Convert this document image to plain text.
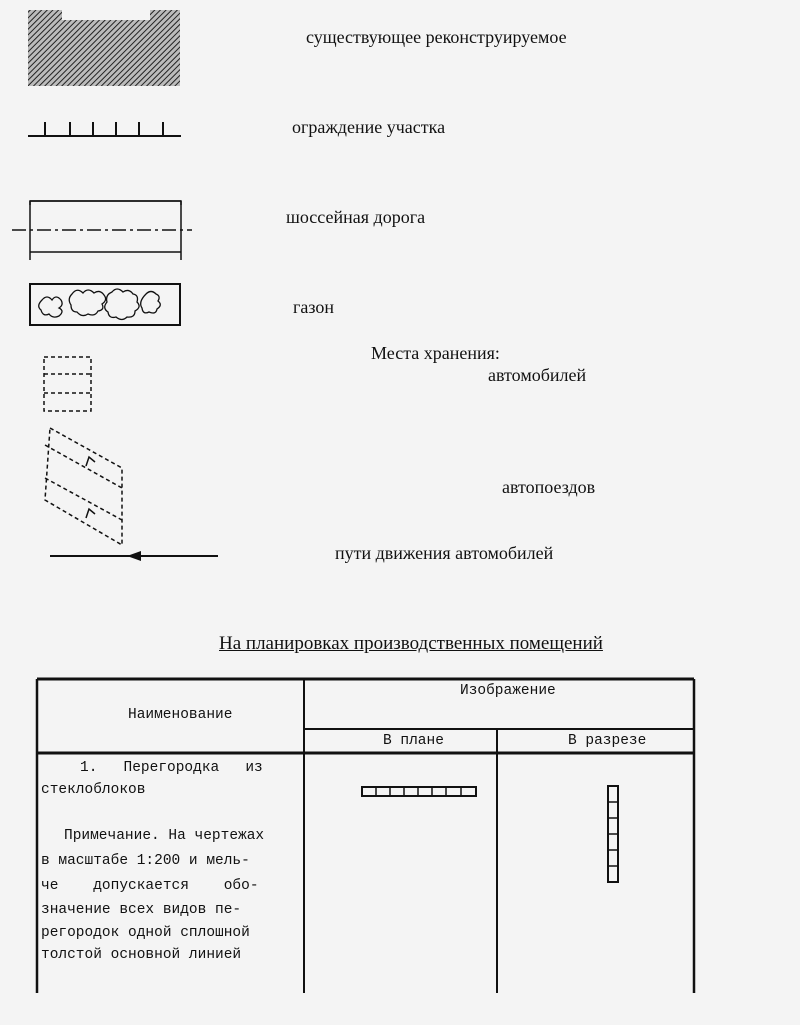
существующее реконструируемое
ограждение участка
шоссейная дорога
газон
Места хранения:
автомобилей
автопоездов
пути движения автомобилей
На планировках производственных помещений
Наименование
Изображение
В плане	В разрезе
1.   Перегородка   из
стеклоблоков
Примечание. На чертежах
в масштабе 1:200 и мель-
че    допускается    обо-
значение всех видов пе-
регородок одной сплошной
толстой основной линией
